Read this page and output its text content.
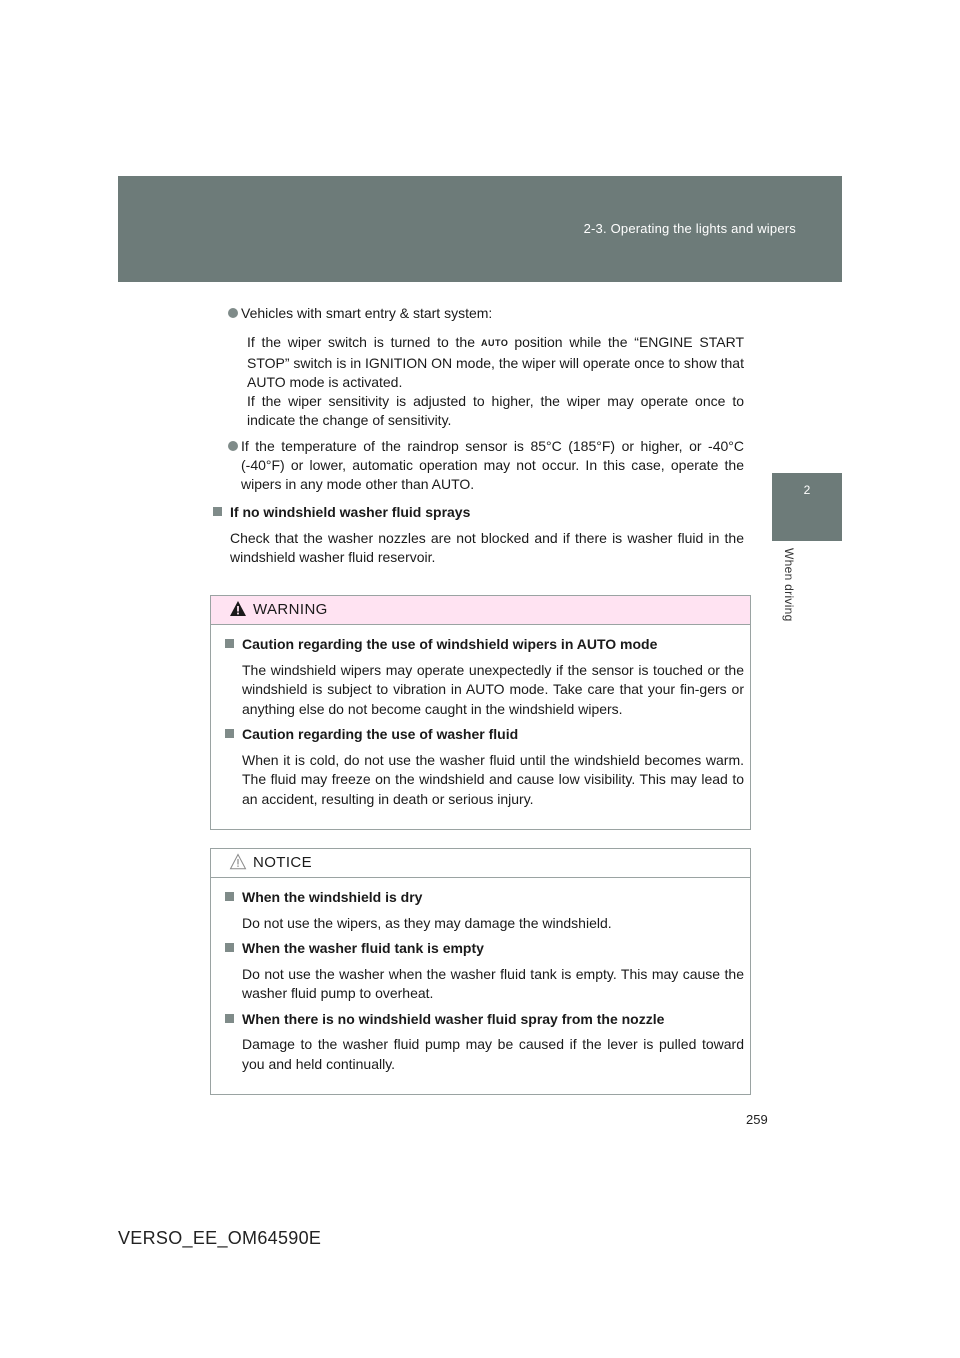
2-3. Operating the lights and wipers
2
When driving
Vehicles with smart entry & start system:
If the wiper switch is turned to the AUTO position while the “ENGINE START STOP” switch is in IGNITION ON mode, the wiper will operate once to show that AUTO mode is activated.
If the wiper sensitivity is adjusted to higher, the wiper may operate once to indicate the change of sensitivity.
If the temperature of the raindrop sensor is 85°C (185°F) or higher, or -40°C (-40°F) or lower, automatic operation may not occur. In this case, operate the wipers in any mode other than AUTO.
If no windshield washer fluid sprays
Check that the washer nozzles are not blocked and if there is washer fluid in the windshield washer fluid reservoir.
WARNING
Caution regarding the use of windshield wipers in AUTO mode
The windshield wipers may operate unexpectedly if the sensor is touched or the windshield is subject to vibration in AUTO mode. Take care that your fin-gers or anything else do not become caught in the windshield wipers.
Caution regarding the use of washer fluid
When it is cold, do not use the washer fluid until the windshield becomes warm. The fluid may freeze on the windshield and cause low visibility. This may lead to an accident, resulting in death or serious injury.
NOTICE
When the windshield is dry
Do not use the wipers, as they may damage the windshield.
When the washer fluid tank is empty
Do not use the washer when the washer fluid tank is empty. This may cause the washer fluid pump to overheat.
When there is no windshield washer fluid spray from the nozzle
Damage to the washer fluid pump may be caused if the lever is pulled toward you and held continually.
259
VERSO_EE_OM64590E
